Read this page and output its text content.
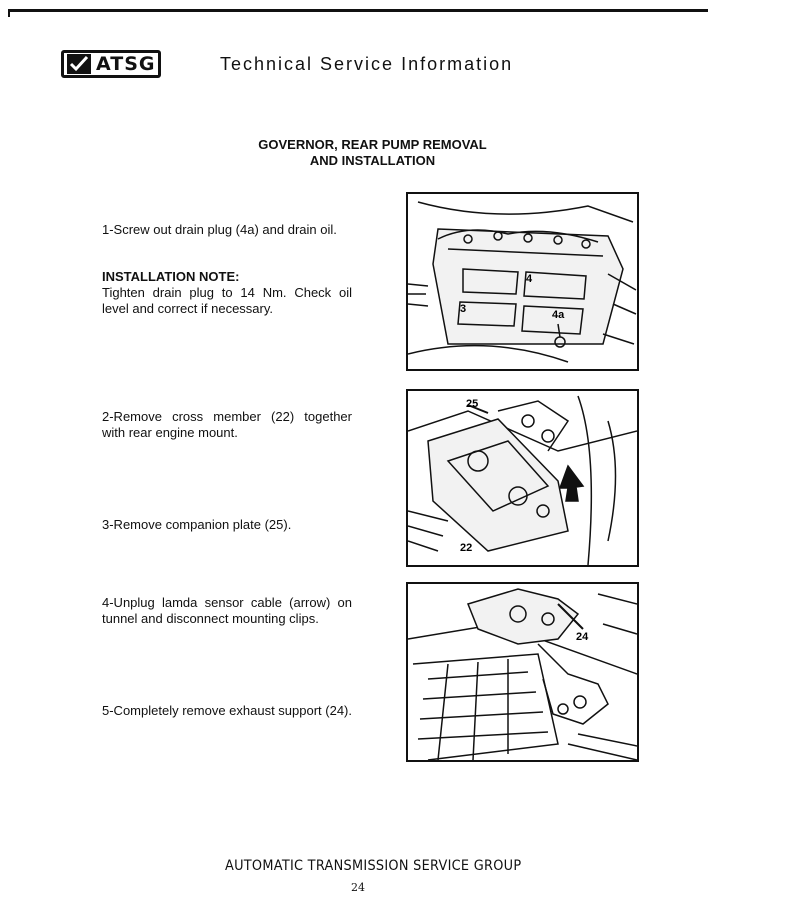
ATSG	Technical Service Information
GOVERNOR, REAR PUMP REMOVAL
AND INSTALLATION
1-Screw out drain plug (4a) and drain oil.
INSTALLATION NOTE:
Tighten drain plug to 14 Nm. Check oil level and correct if necessary.
2-Remove cross member (22) together with rear engine mount.
3-Remove companion plate (25).
4-Unplug lamda sensor cable (arrow) on tunnel and disconnect mounting clips.
5-Completely remove exhaust support (24).
4
3	4a
25
22
24
AUTOMATIC TRANSMISSION SERVICE GROUP
24
